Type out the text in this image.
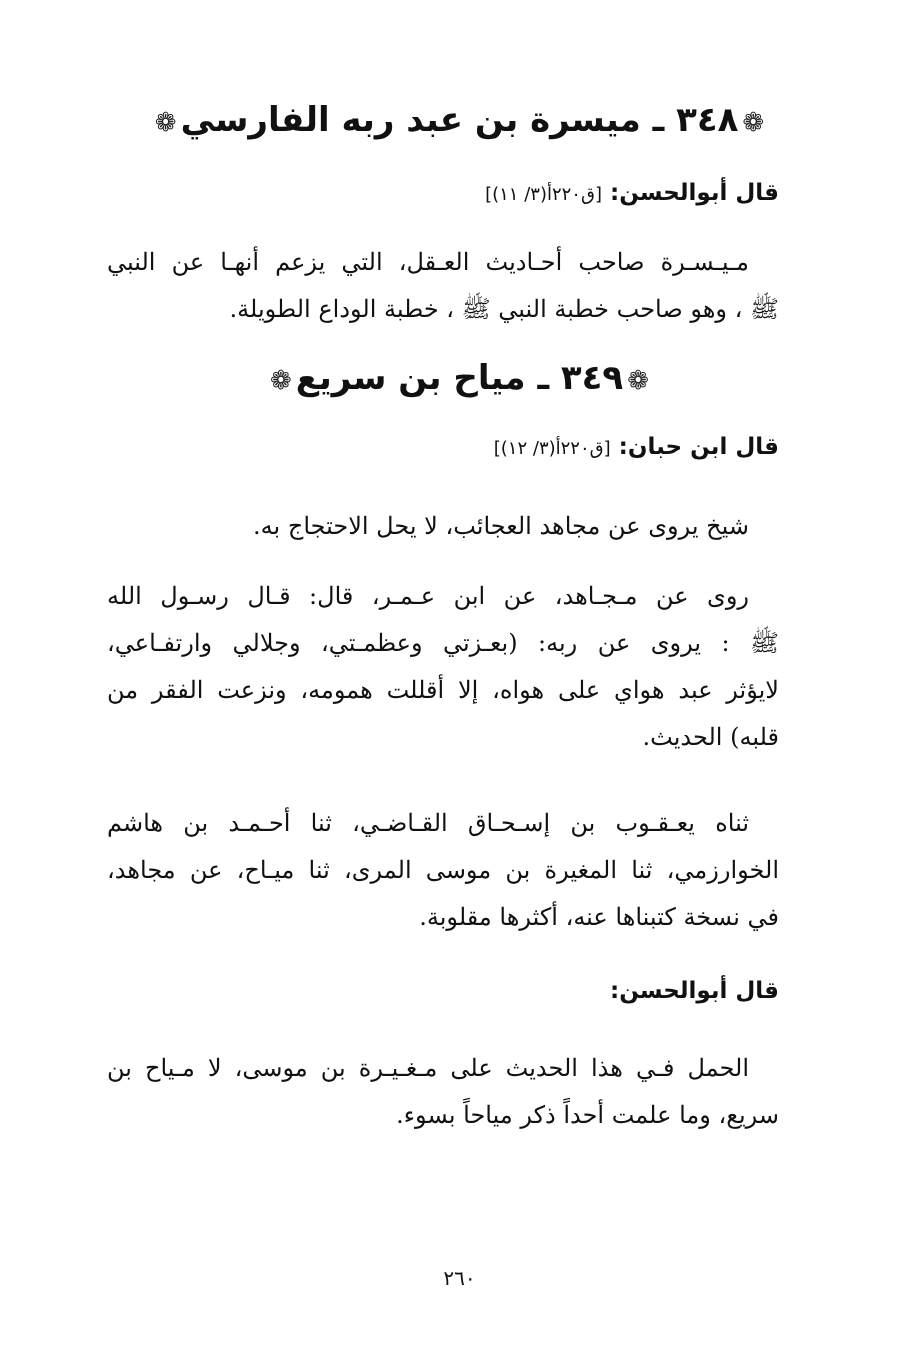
❁٣٤٨ ـ ميسرة بن عبد ربه الفارسي❁
قال أبوالحسن: [ق٢٢٠أ(٣/ ١١)]
مـيـسـرة صاحب أحـاديث العـقل، التي يزعم أنهـا عن النبي
ﷺ ، وهو صاحب خطبة النبي ﷺ ، خطبة الوداع الطويلة.
❁٣٤٩ ـ مياح بن سريع❁
قال ابن حبان: [ق٢٢٠أ(٣/ ١٢)]
شيخ يروى عن مجاهد العجائب، لا يحل الاحتجاج به.
روى عن مـجـاهد، عن ابن عـمـر، قال: قـال رسـول الله
ﷺ : يروى عن ربه: (بعـزتي وعظمـتي، وجلالي وارتفـاعي،
لايؤثر عبد هواي على هواه، إلا أقللت همومه، ونزعت الفقر من
قلبه) الحديث.
ثناه يعـقـوب بن إسـحـاق القـاضـي، ثنا أحـمـد بن هاشم
الخوارزمي، ثنا المغيرة بن موسى المرى، ثنا ميـاح، عن مجاهد،
في نسخة كتبناها عنه، أكثرها مقلوبة.
قال أبوالحسن:
الحمل فـي هذا الحديث على مـغـيـرة بن موسى، لا مـياح بن
سريع، وما علمت أحداً ذكر مياحاً بسوء.
٢٦٠
